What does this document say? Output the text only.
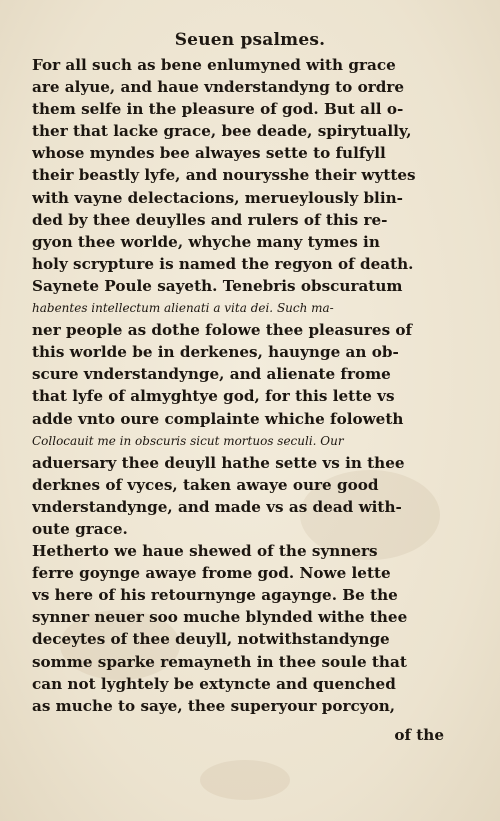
Seuen psalmes.
For all such as bene enlumyned with grace
are alyue, and haue vnderstandyng to ordre
them selfe in the pleasure of god. But all o-
ther that lacke grace, bee deade, spirytually,
whose myndes bee alwayes sette to fulfyll
their beastly lyfe, and nourysshe their wyttes
with vayne delectacions, merueylously blin-
ded by thee deuylles and rulers of this re-
gyon thee worlde, whyche many tymes in
holy scrypture is named the regyon of death.
Saynete Poule sayeth. Tenebris obscuratum
habentes intellectum alienati a vita dei. Such ma-
ner people as dothe folowe thee pleasures of
this worlde be in derkenes, hauynge an ob-
scure vnderstandynge, and alienate frome
that lyfe of almyghtye god, for this lette vs
adde vnto oure complainte whiche foloweth
Collocauit me in obscuris sicut mortuos seculi. Our
aduersary thee deuyll hathe sette vs in thee
derknes of vyces, taken awaye oure good
vnderstandynge, and made vs as dead with-
oute grace.
Hetherto we haue shewed of the synners
ferre goynge awaye frome god. Nowe lette
vs here of his retournynge agaynge. Be the
synner neuer soo muche blynded withe thee
deceytes of thee deuyll, notwithstandynge
somme sparke remayneth in thee soule that
can not lyghtely be extyncte and quenched
as muche to saye, thee superyour porcyon,
of the
